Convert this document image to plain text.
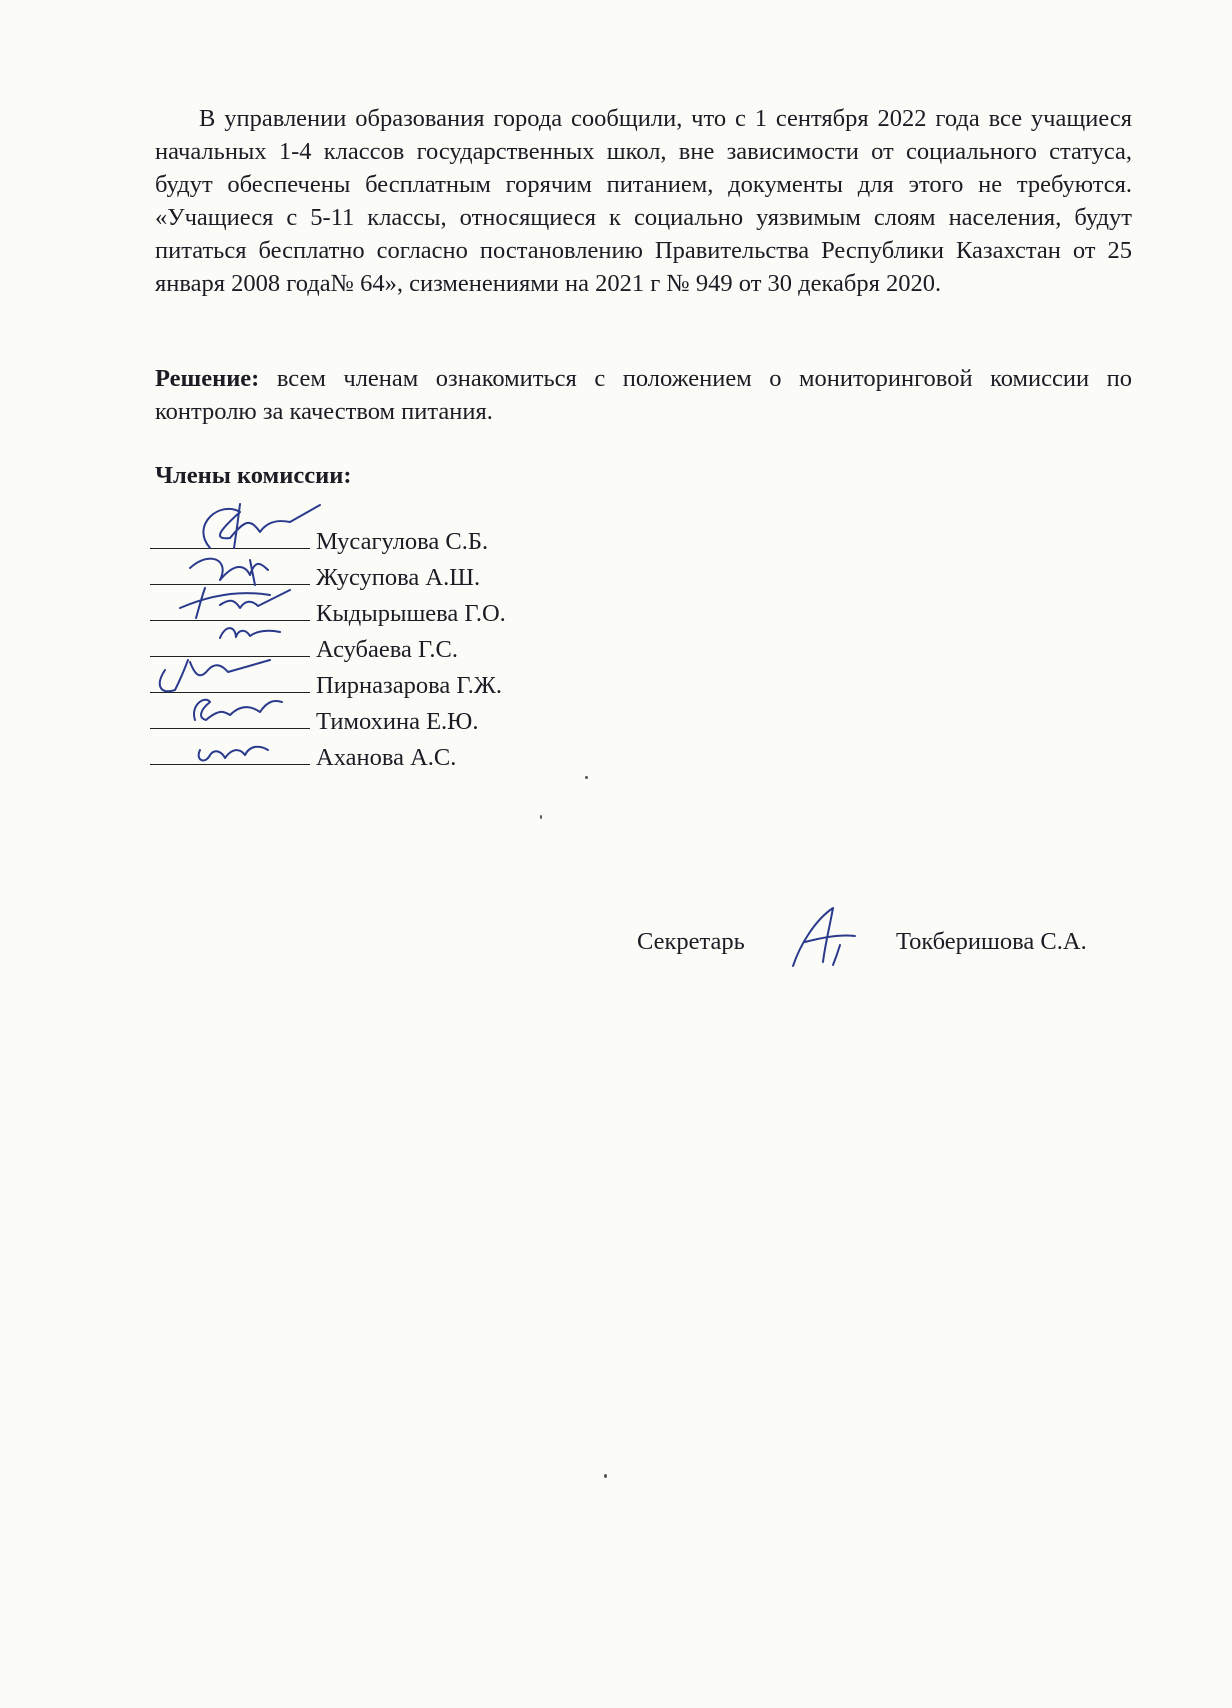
В управлении образования города сообщили, что с 1 сентября 2022 года все учащиеся начальных 1-4 классов государственных школ, вне зависимости от социального статуса, будут обеспечены бесплатным горячим питанием, документы для этого не требуются. «Учащиеся с 5-11 классы, относящиеся к социально уязвимым слоям населения, будут питаться бесплатно согласно постановлению Правительства Республики Казахстан от 25 января 2008 года№ 64», сизменениями на 2021 г № 949 от 30 декабря 2020.

Решение: всем членам ознакомиться с положением о мониторинговой комиссии по контролю за качеством питания.

Члены комиссии:

Мусагулова С.Б.
Жусупова А.Ш.
Кыдырышева Г.О.
Асубаева Г.С.
Пирназарова Г.Ж.
Тимохина Е.Ю.
Аханова А.С.
Секретарь	Токберишова С.А.
